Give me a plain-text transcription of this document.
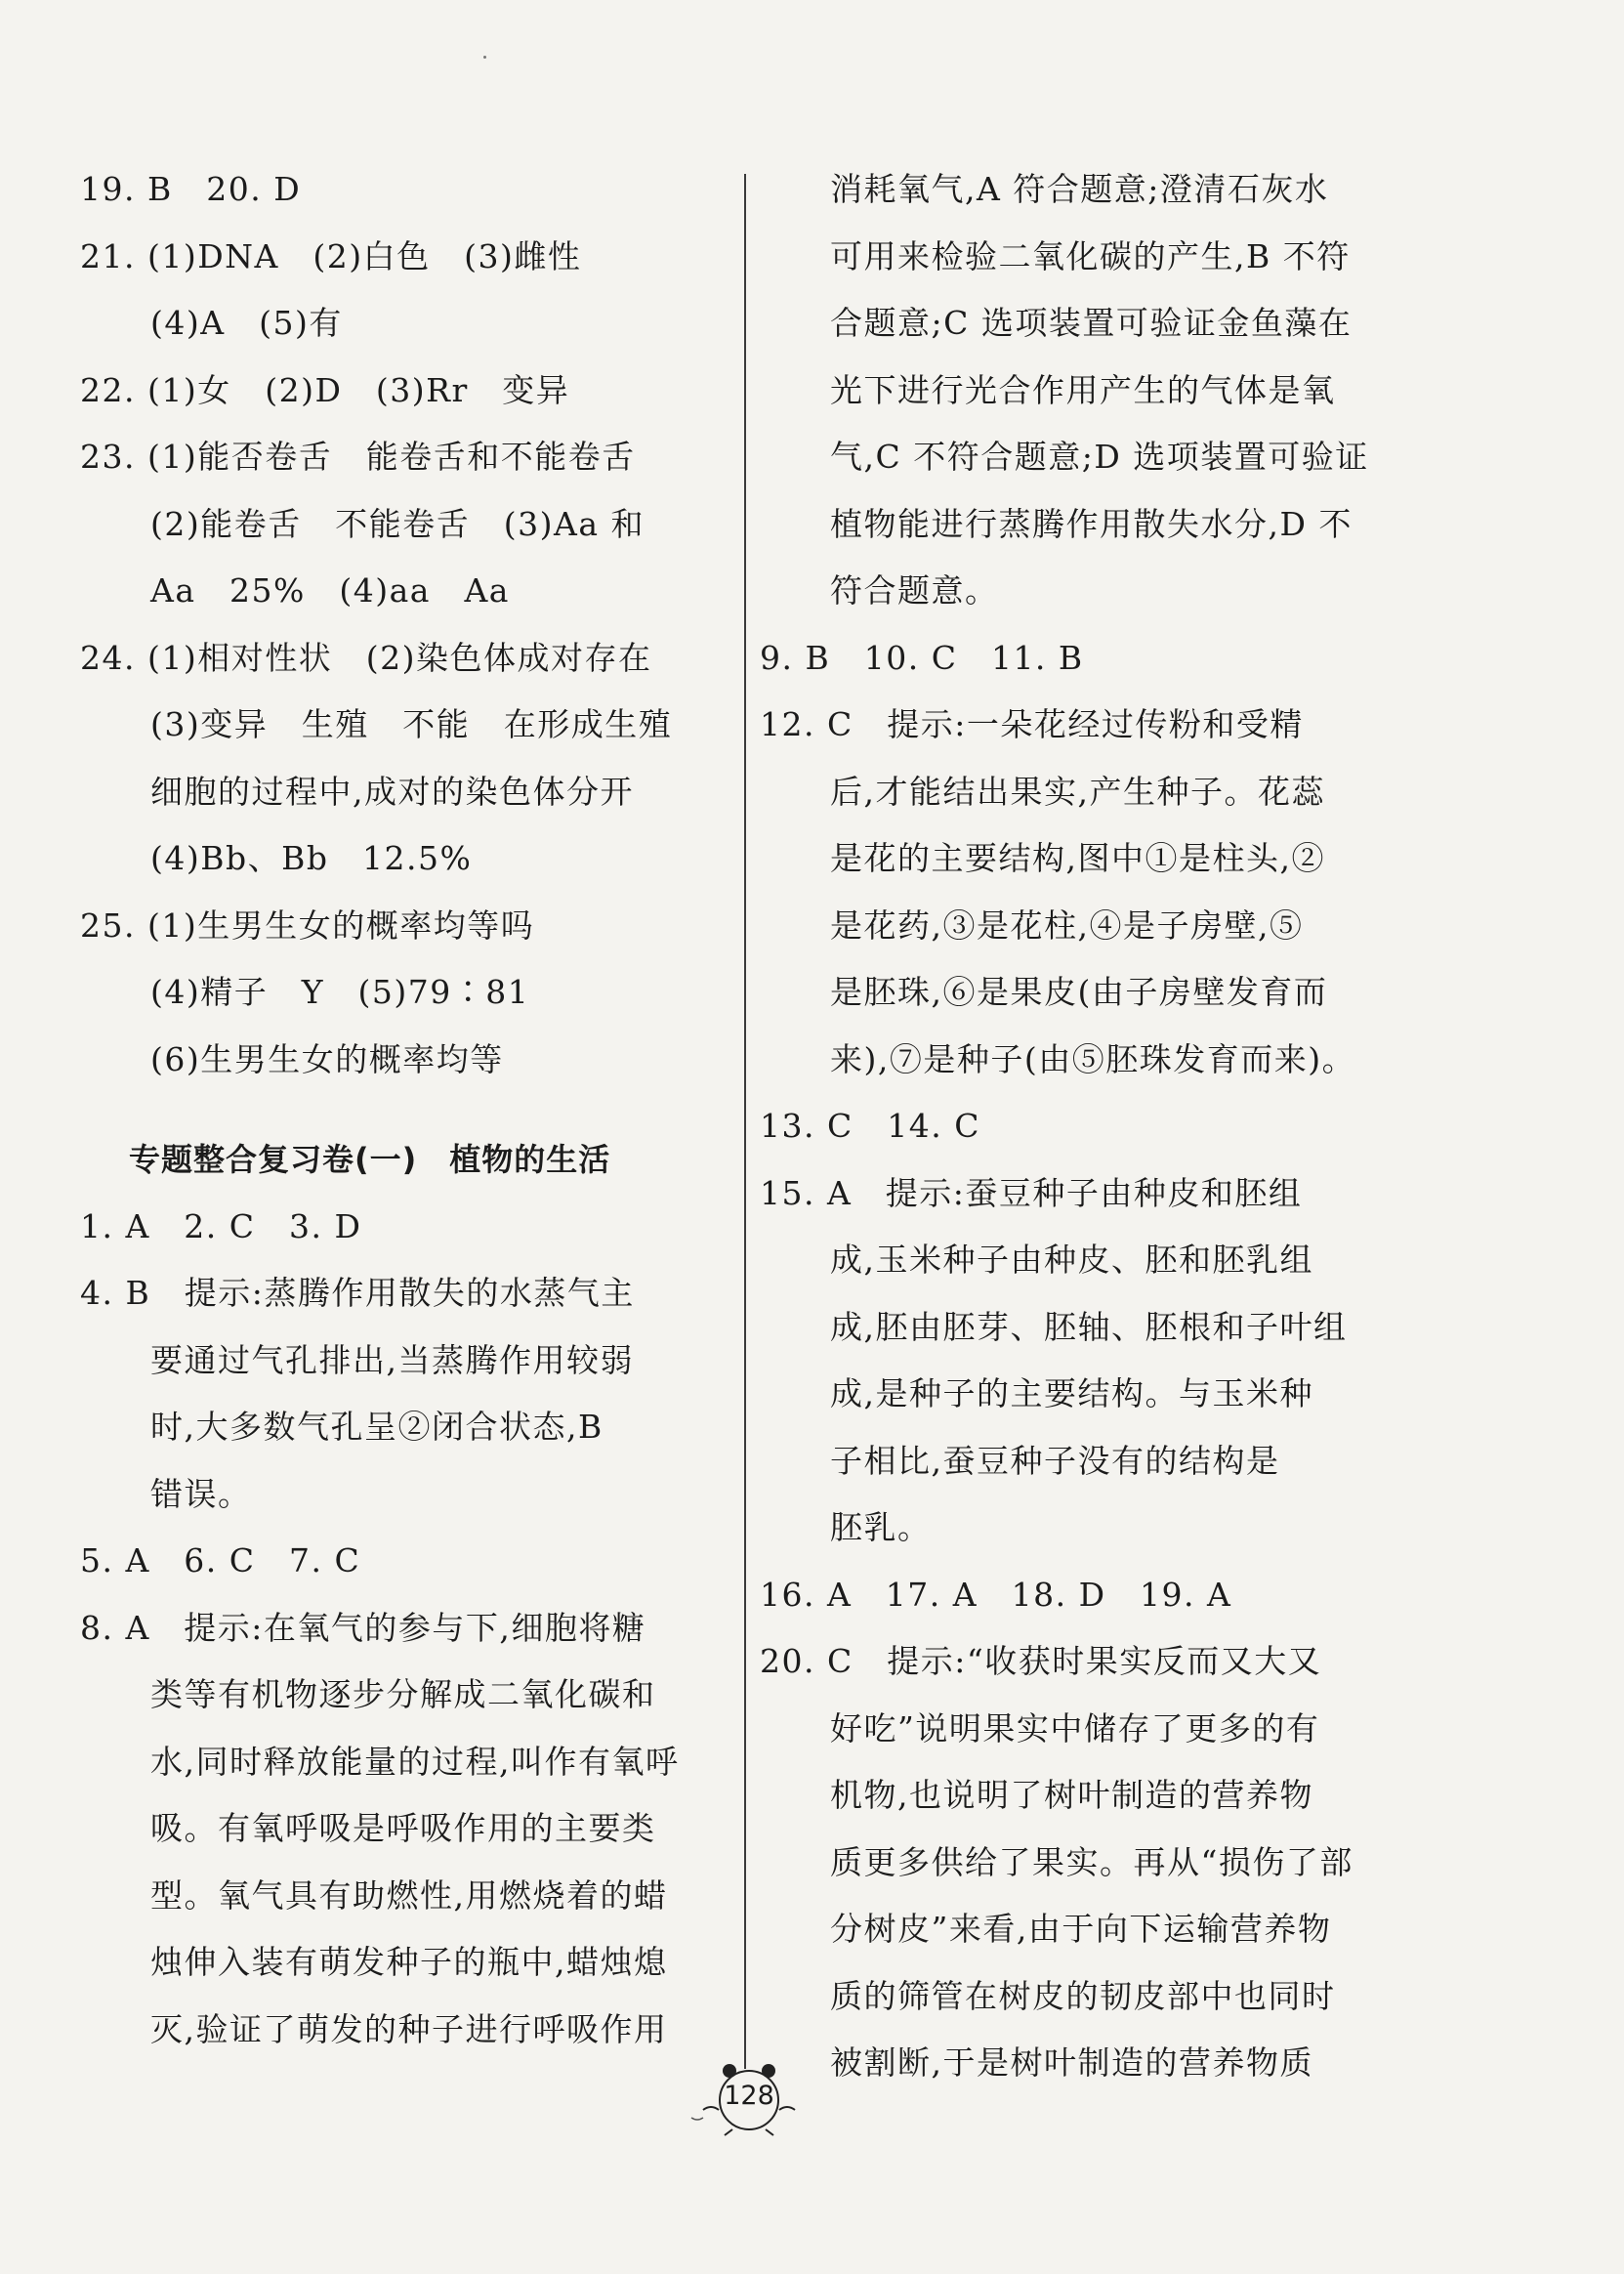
19. B　20. D
21. (1)DNA　(2)白色　(3)雌性
(4)A　(5)有
22. (1)女　(2)D　(3)Rr　变异
23. (1)能否卷舌　能卷舌和不能卷舌
(2)能卷舌　不能卷舌　(3)Aa 和
Aa　25%　(4)aa　Aa
24. (1)相对性状　(2)染色体成对存在
(3)变异　生殖　不能　在形成生殖
细胞的过程中,成对的染色体分开
(4)Bb、Bb　12.5%
25. (1)生男生女的概率均等吗
(4)精子　Y　(5)79∶81
(6)生男生女的概率均等
专题整合复习卷(一)　植物的生活
1. A　2. C　3. D
4. B　提示:蒸腾作用散失的水蒸气主
要通过气孔排出,当蒸腾作用较弱
时,大多数气孔呈②闭合状态,B
错误。
5. A　6. C　7. C
8. A　提示:在氧气的参与下,细胞将糖
类等有机物逐步分解成二氧化碳和
水,同时释放能量的过程,叫作有氧呼
吸。有氧呼吸是呼吸作用的主要类
型。氧气具有助燃性,用燃烧着的蜡
烛伸入装有萌发种子的瓶中,蜡烛熄
灭,验证了萌发的种子进行呼吸作用
消耗氧气,A 符合题意;澄清石灰水
可用来检验二氧化碳的产生,B 不符
合题意;C 选项装置可验证金鱼藻在
光下进行光合作用产生的气体是氧
气,C 不符合题意;D 选项装置可验证
植物能进行蒸腾作用散失水分,D 不
符合题意。
9. B　10. C　11. B
12. C　提示:一朵花经过传粉和受精
后,才能结出果实,产生种子。花蕊
是花的主要结构,图中①是柱头,②
是花药,③是花柱,④是子房壁,⑤
是胚珠,⑥是果皮(由子房壁发育而
来),⑦是种子(由⑤胚珠发育而来)。
13. C　14. C
15. A　提示:蚕豆种子由种皮和胚组
成,玉米种子由种皮、胚和胚乳组
成,胚由胚芽、胚轴、胚根和子叶组
成,是种子的主要结构。与玉米种
子相比,蚕豆种子没有的结构是
胚乳。
16. A　17. A　18. D　19. A
20. C　提示:“收获时果实反而又大又
好吃”说明果实中储存了更多的有
机物,也说明了树叶制造的营养物
质更多供给了果实。再从“损伤了部
分树皮”来看,由于向下运输营养物
质的筛管在树皮的韧皮部中也同时
被割断,于是树叶制造的营养物质
128
